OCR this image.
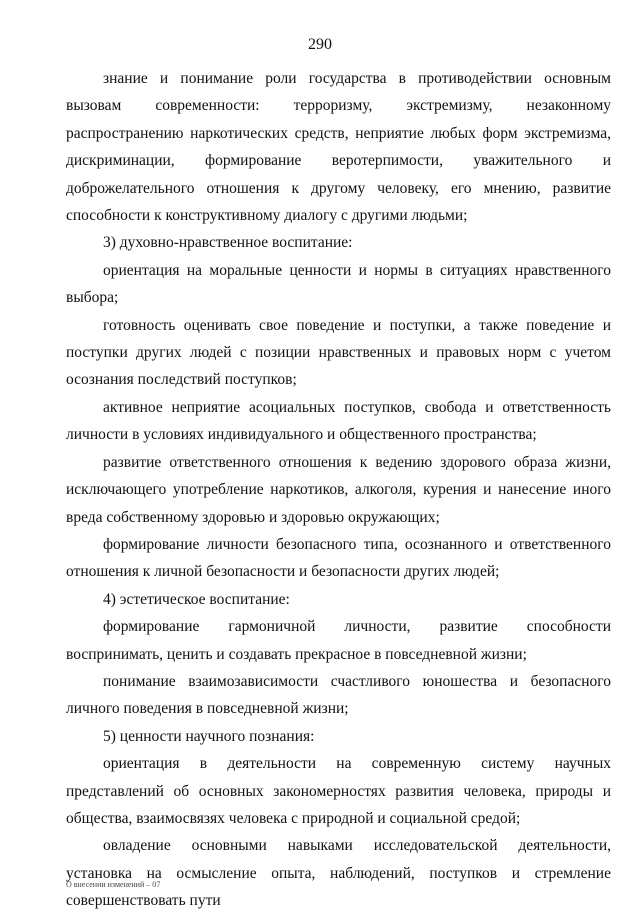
290

знание и понимание роли государства в противодействии основным вызовам современности: терроризму, экстремизму, незаконному распространению наркотических средств, неприятие любых форм экстремизма, дискриминации, формирование веротерпимости, уважительного и доброжелательного отношения к другому человеку, его мнению, развитие способности к конструктивному диалогу с другими людьми;

3) духовно-нравственное воспитание:

ориентация на моральные ценности и нормы в ситуациях нравственного выбора;

готовность оценивать свое поведение и поступки, а также поведение и поступки других людей с позиции нравственных и правовых норм с учетом осознания последствий поступков;

активное неприятие асоциальных поступков, свобода и ответственность личности в условиях индивидуального и общественного пространства;

развитие ответственного отношения к ведению здорового образа жизни, исключающего употребление наркотиков, алкоголя, курения и нанесение иного вреда собственному здоровью и здоровью окружающих;

формирование личности безопасного типа, осознанного и ответственного отношения к личной безопасности и безопасности других людей;

4) эстетическое воспитание:

формирование гармоничной личности, развитие способности воспринимать, ценить и создавать прекрасное в повседневной жизни;

понимание взаимозависимости счастливого юношества и безопасного личного поведения в повседневной жизни;

5) ценности научного познания:

ориентация в деятельности на современную систему научных представлений об основных закономерностях развития человека, природы и общества, взаимосвязях человека с природной и социальной средой;

овладение основными навыками исследовательской деятельности, установка на осмысление опыта, наблюдений, поступков и стремление совершенствовать пути

О внесении изменений – 07
